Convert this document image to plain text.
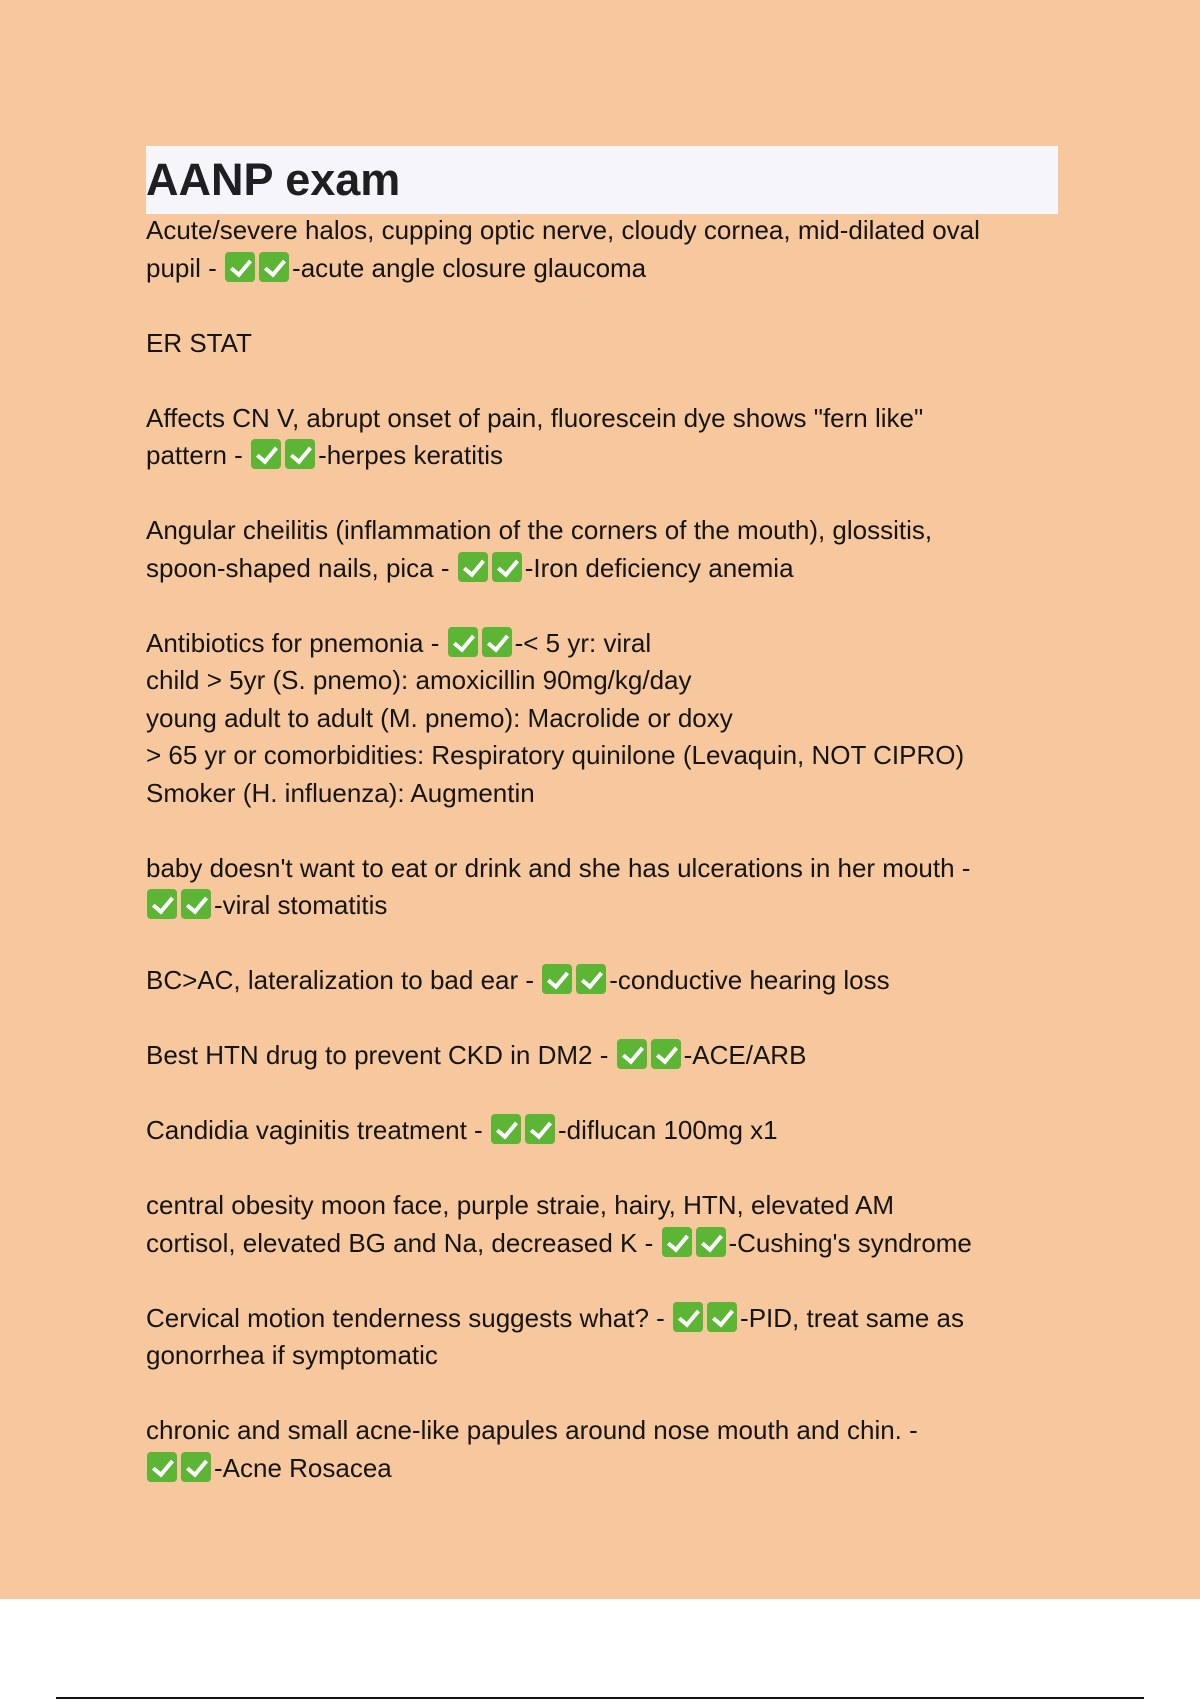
AANP exam
Acute/severe halos, cupping optic nerve, cloudy cornea, mid-dilated oval
pupil -	-acute angle closure glaucoma

ER STAT
Affects CN V, abrupt onset of pain, fluorescein dye shows "fern like"
pattern -	-herpes keratitis
Angular cheilitis (inflammation of the corners of the mouth), glossitis,
spoon-shaped nails, pica -	-Iron deficiency anemia
Antibiotics for pnemonia -	-< 5 yr: viral
child > 5yr (S. pnemo): amoxicillin 90mg/kg/day
young adult to adult (M. pnemo): Macrolide or doxy
> 65 yr or comorbidities: Respiratory quinilone (Levaquin, NOT CIPRO)
Smoker (H. influenza): Augmentin
baby doesn't want to eat or drink and she has ulcerations in her mouth -
-viral stomatitis
BC>AC, lateralization to bad ear -	-conductive hearing loss
Best HTN drug to prevent CKD in DM2 -	-ACE/ARB
Candidia vaginitis treatment -	-diflucan 100mg x1
central obesity moon face, purple straie, hairy, HTN, elevated AM
cortisol, elevated BG and Na, decreased K -	-Cushing's syndrome
Cervical motion tenderness suggests what? -	-PID, treat same as
gonorrhea if symptomatic
chronic and small acne-like papules around nose mouth and chin. -
-Acne Rosacea
